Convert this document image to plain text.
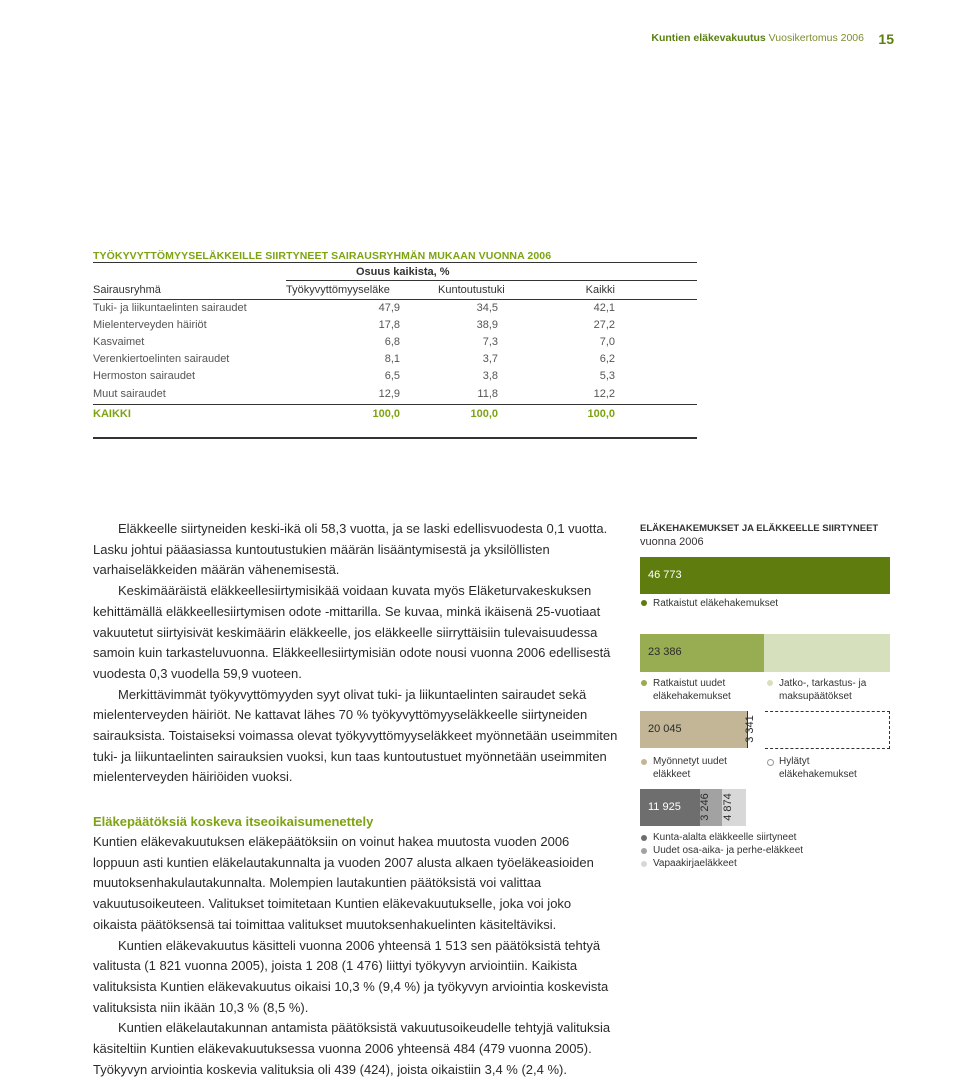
Kuntien eläkevakuutus Vuosikertomus 2006 15
TYÖKYVYTTÖMYYSELÄKKEILLE SIIRTYNEET SAIRAUSRYHMÄN MUKAAN VUONNA 2006
Osuus kaikista, %
Sairausryhmä	Työkyvyttömyyseläke	Kuntoutustuki	Kaikki
Tuki- ja liikuntaelinten sairaudet	47,9	34,5	42,1
Mielenterveyden häiriöt	17,8	38,9	27,2
Kasvaimet	6,8	7,3	7,0
Verenkiertoelinten sairaudet	8,1	3,7	6,2
Hermoston sairaudet	6,5	3,8	5,3
Muut sairaudet	12,9	11,8	12,2
KAIKKI	100,0	100,0	100,0

Eläkkeelle siirtyneiden keski-ikä oli 58,3 vuotta, ja se laski edellisvuodesta 0,1 vuotta. Lasku johtui pääasiassa kuntoutustukien määrän lisääntymisestä ja yksilöllisten varhaiseläkkeiden määrän vähenemisestä.

Keskimääräistä eläkkeellesiirtymisikää voidaan kuvata myös Eläketurvakeskuksen kehittämällä eläkkeellesiirtymisen odote -mittarilla. Se kuvaa, minkä ikäisenä 25-vuotiaat vakuutetut siirtyisivät keskimäärin eläkkeelle, jos eläkkeelle siirryttäisiin tulevaisuudessa samoin kuin tarkasteluvuonna. Eläkkeellesiirtymisiän odote nousi vuonna 2006 edellisestä vuodesta 0,3 vuodella 59,9 vuoteen.

Merkittävimmät työkyvyttömyyden syyt olivat tuki- ja liikuntaelinten sairaudet sekä mielenterveyden häiriöt. Ne kattavat lähes 70 % työkyvyttömyyseläkkeelle siirtyneiden sairauksista. Toistaiseksi voimassa olevat työkyvyttömyyseläkkeet myönnetään useimmiten tuki- ja liikuntaelinten sairauksien vuoksi, kun taas kuntoutustuet myönnetään useimmiten mielenterveyden häiriöiden vuoksi.

Eläkepäätöksiä koskeva itseoikaisumenettely

Kuntien eläkevakuutuksen eläkepäätöksiin on voinut hakea muutosta vuoden 2006 loppuun asti kuntien eläkelautakunnalta ja vuoden 2007 alusta alkaen työeläkeasioiden muutoksenhakulautakunnalta. Molempien lautakuntien päätöksistä voi valittaa vakuutusoikeuteen. Valitukset toimitetaan Kuntien eläkevakuutukselle, joka voi joko oikaista päätöksensä tai toimittaa valitukset muutoksenhakuelinten käsiteltäviksi.

Kuntien eläkevakuutus käsitteli vuonna 2006 yhteensä 1 513 sen päätöksistä tehtyä valitusta (1 821 vuonna 2005), joista 1 208 (1 476) liittyi työkyvyn arviointiin. Kaikista valituksista Kuntien eläkevakuutus oikaisi 10,3 % (9,4 %) ja työkyvyn arviointia koskevista valituksista niin ikään 10,3 % (8,5 %).

Kuntien eläkelautakunnan antamista päätöksistä vakuutusoikeudelle tehtyjä valituksia käsiteltiin Kuntien eläkevakuutuksessa vuonna 2006 yhteensä 484 (479 vuonna 2005). Työkyvyn arviointia koskevia valituksia oli 439 (424), joista oikaistiin 3,4 % (2,4 %).

ELÄKEHAKEMUKSET JA ELÄKKEELLE SIIRTYNEET
vuonna 2006
46 773
Ratkaistut eläkehakemukset
23 386
Ratkaistut uudet eläkehakemukset
Jatko-, tarkastus- ja maksupäätökset
20 045	3 341
Myönnetyt uudet eläkkeet
Hylätyt eläkehakemukset
11 925 3 246 4 874
Kunta-alalta eläkkeelle siirtyneet
Uudet osa-aika- ja perhe-eläkkeet
Vapaakirjaeläkkeet
